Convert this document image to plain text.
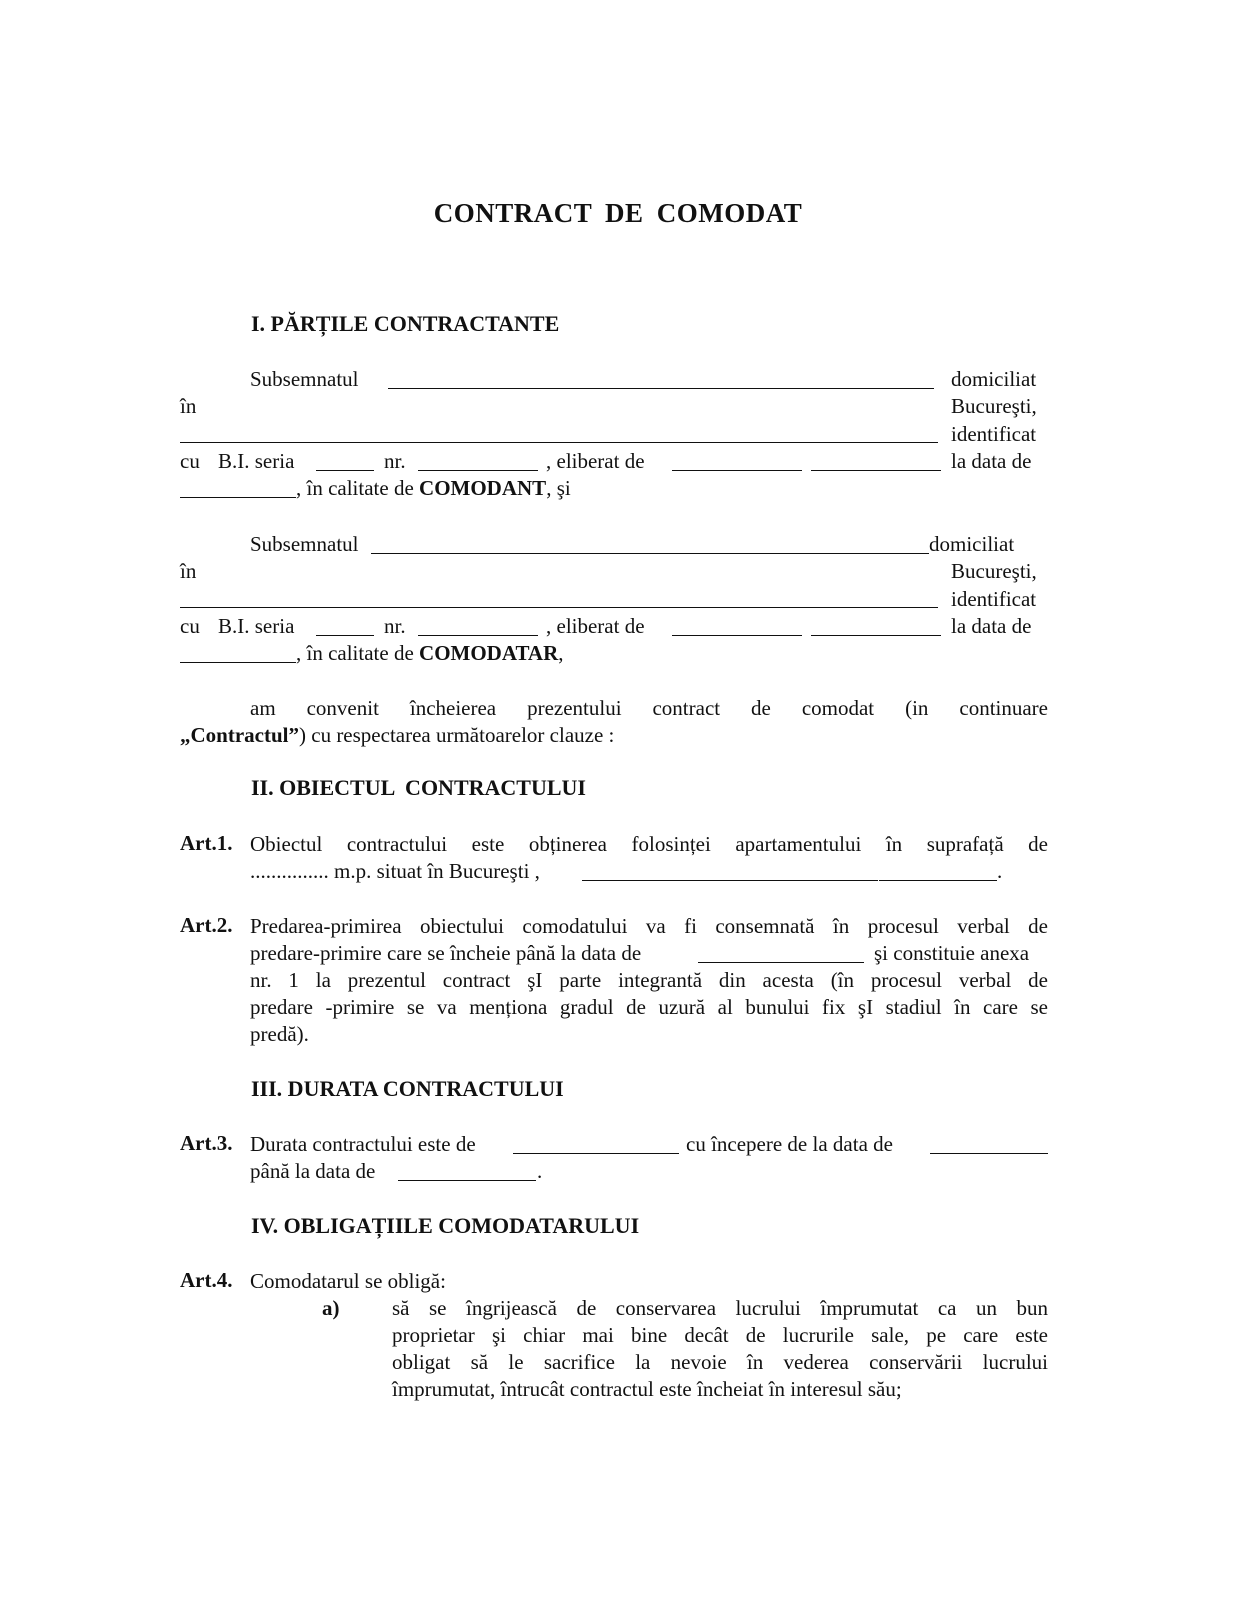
CONTRACT DE COMODAT
I. PĂRȚILE CONTRACTANTE
Subsemnatul	domiciliat
în	Bucureşti,
identificat
cu B.I. seria	nr.	, eliberat de	la data de
, în calitate de COMODANT, şi
Subsemnatul	domiciliat
în	Bucureşti,
identificat
cu B.I. seria	nr.	, eliberat de	la data de
, în calitate de COMODATAR,
am convenit încheierea prezentului contract de comodat (in continuare
„Contractul”) cu respectarea următoarelor clauze :
II. OBIECTUL  CONTRACTULUI
Art.1. Obiectul contractului este obținerea folosinței apartamentului în suprafață de
............... m.p. situat în Bucureşti ,	.
Art.2. Predarea-primirea obiectului comodatului va fi consemnată în procesul verbal de
predare-primire care se încheie până la data de	şi constituie anexa
nr. 1 la prezentul contract şI parte integrantă din acesta (în procesul verbal de
predare -primire se va menționa gradul de uzură al bunului fix şI stadiul în care se
predă).
III. DURATA CONTRACTULUI
Art.3. Durata contractului este de	cu începere de la data de
până la data de	.
IV. OBLIGAȚIILE COMODATARULUI
Art.4. Comodatarul se obligă:
a)	să se îngrijească de conservarea lucrului împrumutat ca un bun
proprietar şi chiar mai bine decât de lucrurile sale, pe care este
obligat să le sacrifice la nevoie în vederea conservării lucrului
împrumutat, întrucât contractul este încheiat în interesul său;
